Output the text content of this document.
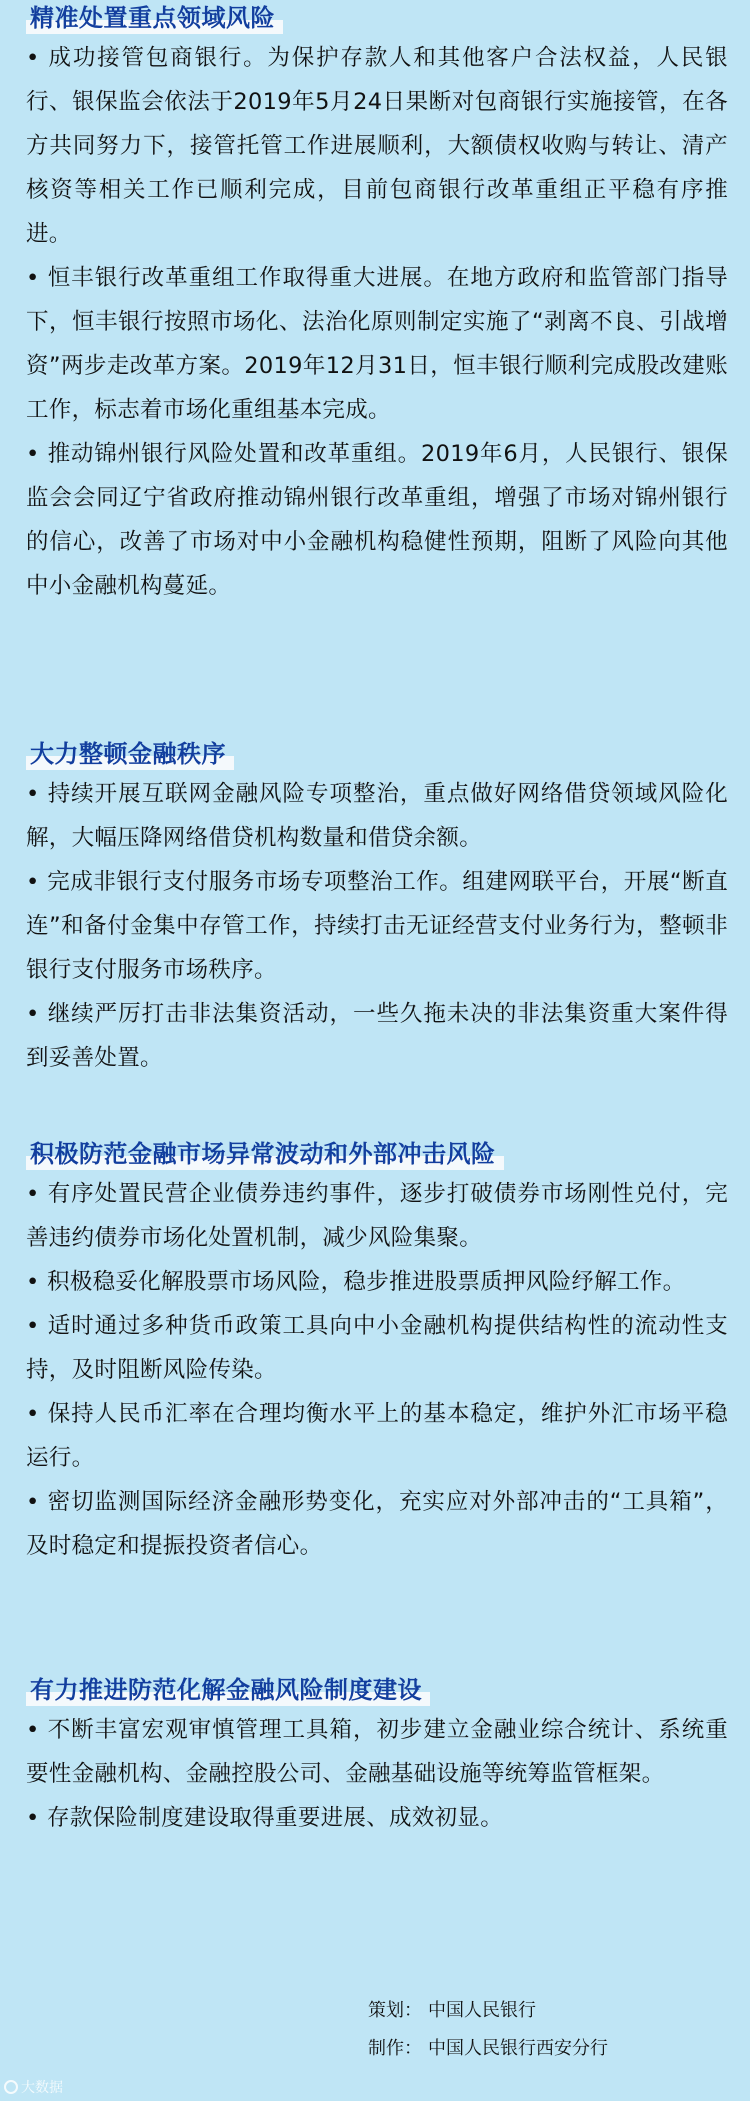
精准处置重点领域风险
• 成功接管包商银行。为保护存款人和其他客户合法权益，人民银行、银保监会依法于2019年5月24日果断对包商银行实施接管，在各方共同努力下，接管托管工作进展顺利，大额债权收购与转让、清产核资等相关工作已顺利完成，目前包商银行改革重组正平稳有序推进。
• 恒丰银行改革重组工作取得重大进展。在地方政府和监管部门指导下，恒丰银行按照市场化、法治化原则制定实施了“剥离不良、引战增资”两步走改革方案。2019年12月31日，恒丰银行顺利完成股改建账工作，标志着市场化重组基本完成。
• 推动锦州银行风险处置和改革重组。2019年6月，人民银行、银保监会会同辽宁省政府推动锦州银行改革重组，增强了市场对锦州银行的信心，改善了市场对中小金融机构稳健性预期，阻断了风险向其他中小金融机构蔓延。
大力整顿金融秩序
• 持续开展互联网金融风险专项整治，重点做好网络借贷领域风险化解，大幅压降网络借贷机构数量和借贷余额。
• 完成非银行支付服务市场专项整治工作。组建网联平台，开展“断直连”和备付金集中存管工作，持续打击无证经营支付业务行为，整顿非银行支付服务市场秩序。
• 继续严厉打击非法集资活动，一些久拖未决的非法集资重大案件得到妥善处置。
积极防范金融市场异常波动和外部冲击风险
• 有序处置民营企业债券违约事件，逐步打破债券市场刚性兑付，完善违约债券市场化处置机制，减少风险集聚。
• 积极稳妥化解股票市场风险，稳步推进股票质押风险纾解工作。
• 适时通过多种货币政策工具向中小金融机构提供结构性的流动性支持，及时阻断风险传染。
• 保持人民币汇率在合理均衡水平上的基本稳定，维护外汇市场平稳运行。
• 密切监测国际经济金融形势变化，充实应对外部冲击的“工具箱”，及时稳定和提振投资者信心。
有力推进防范化解金融风险制度建设
• 不断丰富宏观审慎管理工具箱，初步建立金融业综合统计、系统重要性金融机构、金融控股公司、金融基础设施等统筹监管框架。
• 存款保险制度建设取得重要进展、成效初显。
策划： 中国人民银行
制作： 中国人民银行西安分行
大数据
